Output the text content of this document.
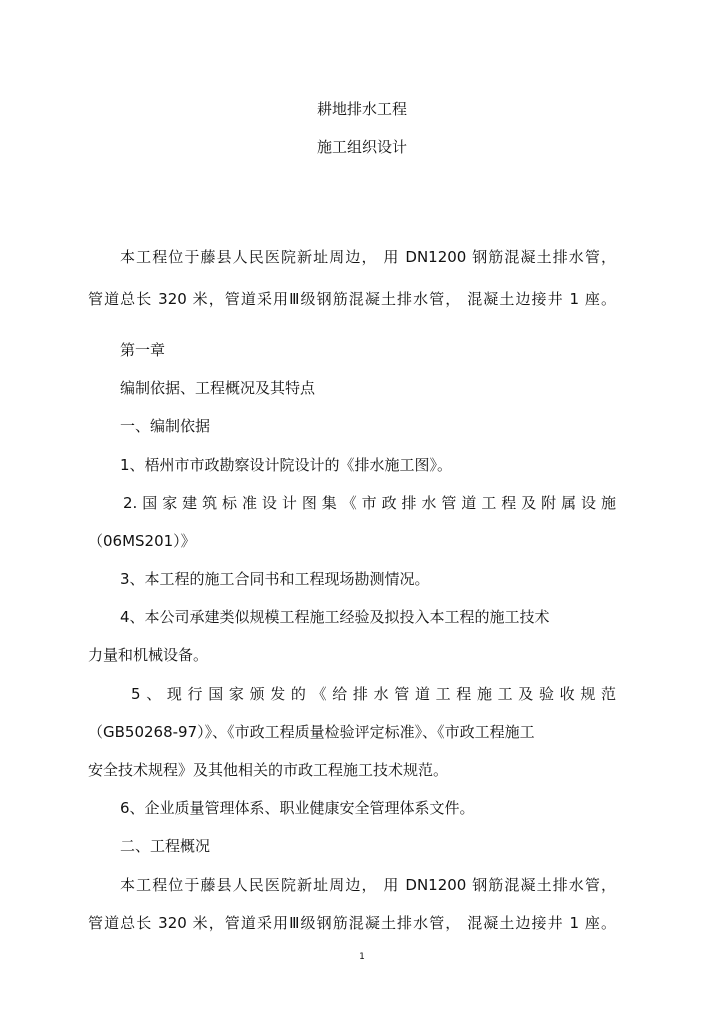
耕地排水工程
施工组织设计
本工程位于藤县人民医院新址周边， 用 DN1200 钢筋混凝土排水管，
管道总长 320 米，管道采用Ⅲ级钢筋混凝土排水管， 混凝土边接井 1 座。
第一章
编制依据、工程概况及其特点
一、编制依据
1、梧州市市政勘察设计院设计的《排水施工图》。
2.国家建筑标准设计图集《市政排水管道工程及附属设施
（06MS201）》
3、本工程的施工合同书和工程现场勘测情况。
4、本公司承建类似规模工程施工经验及拟投入本工程的施工技术
力量和机械设备。
5、现行国家颁发的《给排水管道工程施工及验收规范
（GB50268-97）》、《市政工程质量检验评定标准》、《市政工程施工
安全技术规程》及其他相关的市政工程施工技术规范。
6、企业质量管理体系、职业健康安全管理体系文件。
二、工程概况
本工程位于藤县人民医院新址周边， 用 DN1200 钢筋混凝土排水管，
管道总长 320 米，管道采用Ⅲ级钢筋混凝土排水管， 混凝土边接井 1 座。
1
